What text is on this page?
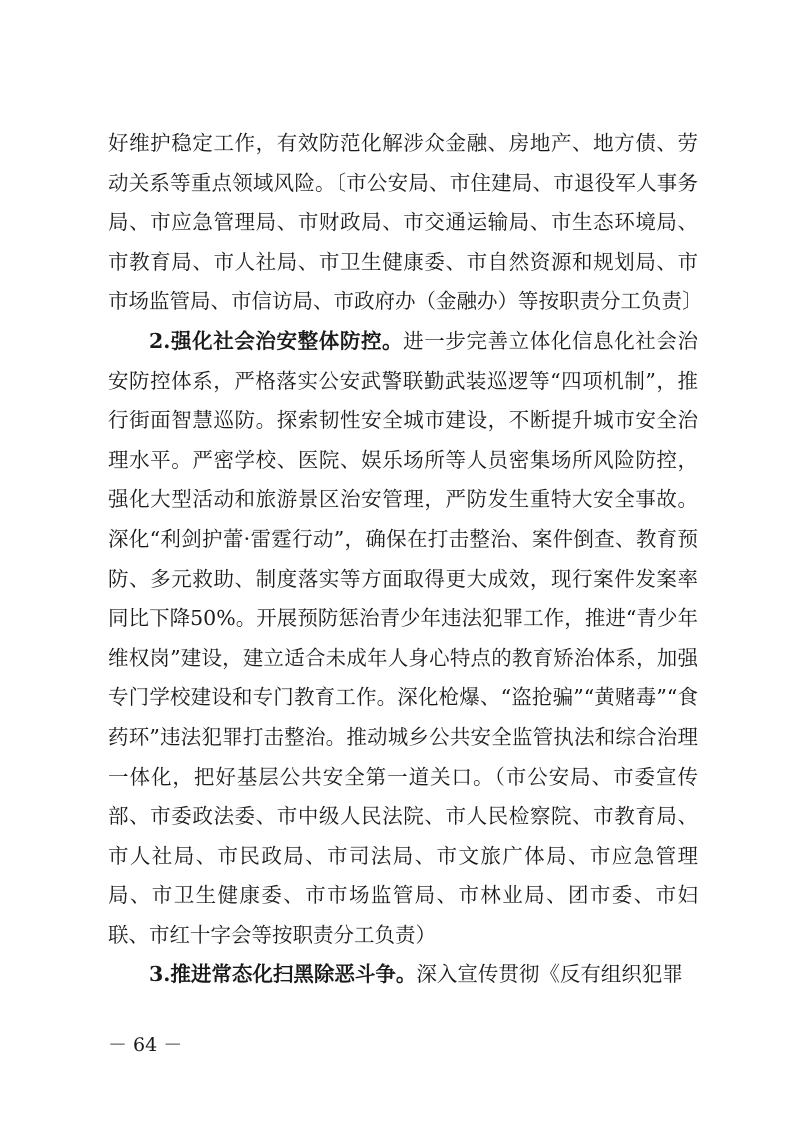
好维护稳定工作，有效防范化解涉众金融、房地产、地方债、劳动关系等重点领域风险。〔市公安局、市住建局、市退役军人事务局、市应急管理局、市财政局、市交通运输局、市生态环境局、市教育局、市人社局、市卫生健康委、市自然资源和规划局、市市场监管局、市信访局、市政府办（金融办）等按职责分工负责〕

2.强化社会治安整体防控。进一步完善立体化信息化社会治安防控体系，严格落实公安武警联勤武装巡逻等“四项机制”，推行街面智慧巡防。探索韧性安全城市建设，不断提升城市安全治理水平。严密学校、医院、娱乐场所等人员密集场所风险防控，强化大型活动和旅游景区治安管理，严防发生重特大安全事故。深化“利剑护蕾·雷霆行动”，确保在打击整治、案件倒查、教育预防、多元救助、制度落实等方面取得更大成效，现行案件发案率同比下降50%。开展预防惩治青少年违法犯罪工作，推进“青少年维权岗”建设，建立适合未成年人身心特点的教育矫治体系，加强专门学校建设和专门教育工作。深化枪爆、“盗抢骗”“黄赌毒”“食药环”违法犯罪打击整治。推动城乡公共安全监管执法和综合治理一体化，把好基层公共安全第一道关口。（市公安局、市委宣传部、市委政法委、市中级人民法院、市人民检察院、市教育局、市人社局、市民政局、市司法局、市文旅广体局、市应急管理局、市卫生健康委、市市场监管局、市林业局、团市委、市妇联、市红十字会等按职责分工负责）

3.推进常态化扫黑除恶斗争。深入宣传贯彻《反有组织犯罪

－ 64 －
